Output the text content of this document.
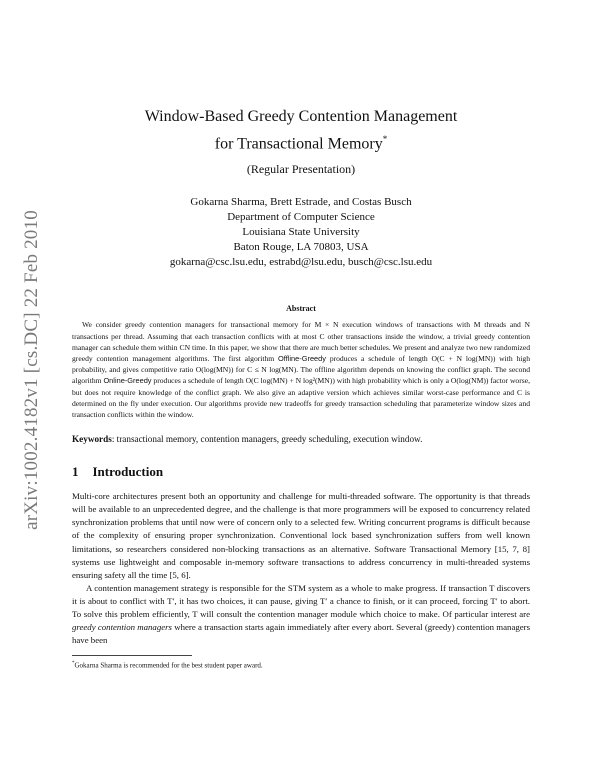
arXiv:1002.4182v1 [cs.DC] 22 Feb 2010
Window-Based Greedy Contention Management
for Transactional Memory*
(Regular Presentation)
Gokarna Sharma, Brett Estrade, and Costas Busch
Department of Computer Science
Louisiana State University
Baton Rouge, LA 70803, USA
gokarna@csc.lsu.edu, estrabd@lsu.edu, busch@csc.lsu.edu
Abstract

We consider greedy contention managers for transactional memory for M × N execution windows of transactions with M threads and N transactions per thread. Assuming that each transaction conflicts with at most C other transactions inside the window, a trivial greedy contention manager can schedule them within CN time. In this paper, we show that there are much better schedules. We present and analyze two new randomized greedy contention management algorithms. The first algorithm Offline-Greedy produces a schedule of length O(C + N log(MN)) with high probability, and gives competitive ratio O(log(MN)) for C ≤ N log(MN). The offline algorithm depends on knowing the conflict graph. The second algorithm Online-Greedy produces a schedule of length O(C log(MN) + N log²(MN)) with high probability which is only a O(log(NM)) factor worse, but does not require knowledge of the conflict graph. We also give an adaptive version which achieves similar worst-case performance and C is determined on the fly under execution. Our algorithms provide new tradeoffs for greedy transaction scheduling that parameterize window sizes and transaction conflicts within the window.

Keywords: transactional memory, contention managers, greedy scheduling, execution window.
1 Introduction

Multi-core architectures present both an opportunity and challenge for multi-threaded software. The opportunity is that threads will be available to an unprecedented degree, and the challenge is that more programmers will be exposed to concurrency related synchronization problems that until now were of concern only to a selected few. Writing concurrent programs is difficult because of the complexity of ensuring proper synchronization. Conventional lock based synchronization suffers from well known limitations, so researchers considered non-blocking transactions as an alternative. Software Transactional Memory [15, 7, 8] systems use lightweight and composable in-memory software transactions to address concurrency in multi-threaded systems ensuring safety all the time [5, 6].

A contention management strategy is responsible for the STM system as a whole to make progress. If transaction T discovers it is about to conflict with T′, it has two choices, it can pause, giving T′ a chance to finish, or it can proceed, forcing T′ to abort. To solve this problem efficiently, T will consult the contention manager module which choice to make. Of particular interest are greedy contention managers where a transaction starts again immediately after every abort. Several (greedy) contention managers have been

*Gokarna Sharma is recommended for the best student paper award.
